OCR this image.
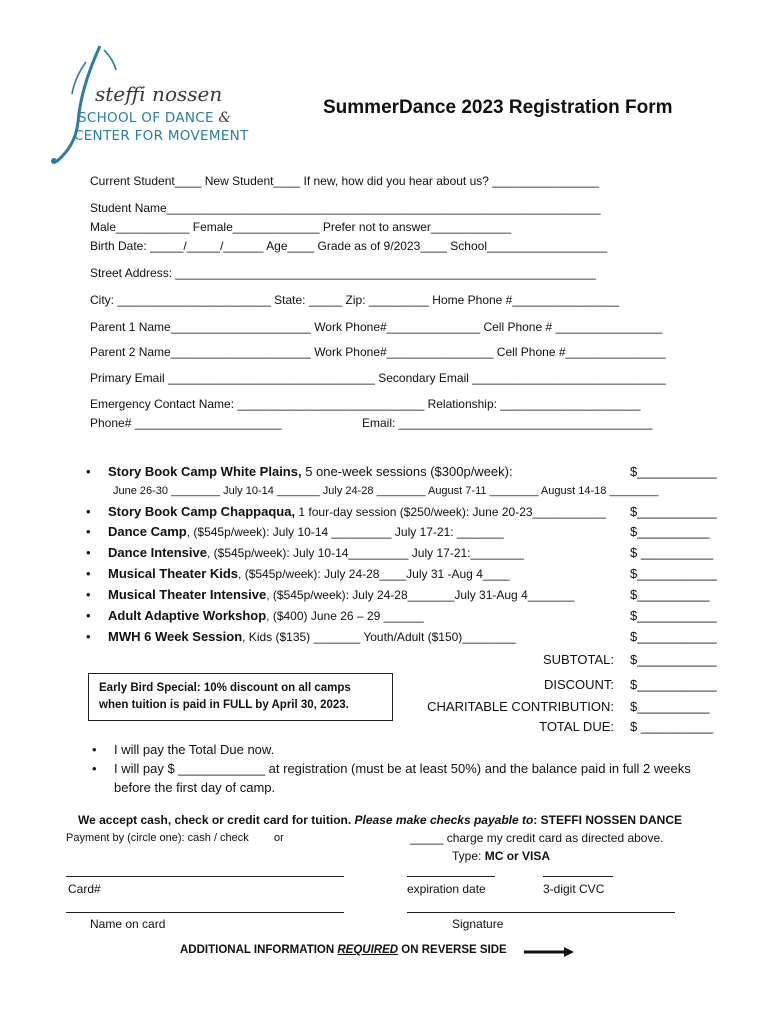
steffi nossen
SCHOOL OF DANCE &
CENTER FOR MOVEMENT
SummerDance 2023 Registration Form
Current Student____ New Student____ If new, how did you hear about us? ________________
Student Name_________________________________________________________________
Male___________ Female_____________ Prefer not to answer____________
Birth Date: _____/_____/______ Age____ Grade as of 9/2023____ School__________________
Street Address: _______________________________________________________________
City: _______________________ State: _____ Zip: _________ Home Phone #________________
Parent 1 Name_____________________ Work Phone#______________ Cell Phone # ________________
Parent 2 Name_____________________ Work Phone#________________ Cell Phone #_______________
Primary Email _______________________________ Secondary Email _____________________________
Emergency Contact Name: ____________________________ Relationship: _____________________
Phone# ______________________	Email: ______________________________________
• Story Book Camp White Plains, 5 one-week sessions ($300p/week):	$___________
June 26-30 ________ July 10-14 _______ July 24-28 ________ August 7-11 ________ August 14-18 ________
• Story Book Camp Chappaqua, 1 four-day session ($250/week): June 20-23___________ $___________
• Dance Camp, ($545p/week): July 10-14 _________ July 17-21: _______	$__________
• Dance Intensive, ($545p/week): July 10-14_________ July 17-21:________	$ __________
• Musical Theater Kids, ($545p/week): July 24-28____July 31 -Aug 4____	$___________
• Musical Theater Intensive, ($545p/week): July 24-28_______July 31-Aug 4_______	$__________
• Adult Adaptive Workshop, ($400) June 26 – 29 ______	$___________
• MWH 6 Week Session, Kids ($135) _______ Youth/Adult ($150)________	$___________
SUBTOTAL: $___________
DISCOUNT: $___________
CHARITABLE CONTRIBUTION: $__________
TOTAL DUE: $ __________
Early Bird Special: 10% discount on all camps when tuition is paid in FULL by April 30, 2023.
• I will pay the Total Due now.
• I will pay $ ____________ at registration (must be at least 50%) and the balance paid in full 2 weeks
before the first day of camp.
We accept cash, check or credit card for tuition. Please make checks payable to: STEFFI NOSSEN DANCE
Payment by (circle one): cash / check or	_____ charge my credit card as directed above.
Type: MC or VISA
Card#	expiration date	3-digit CVC
Name on card	Signature
ADDITIONAL INFORMATION REQUIRED ON REVERSE SIDE
